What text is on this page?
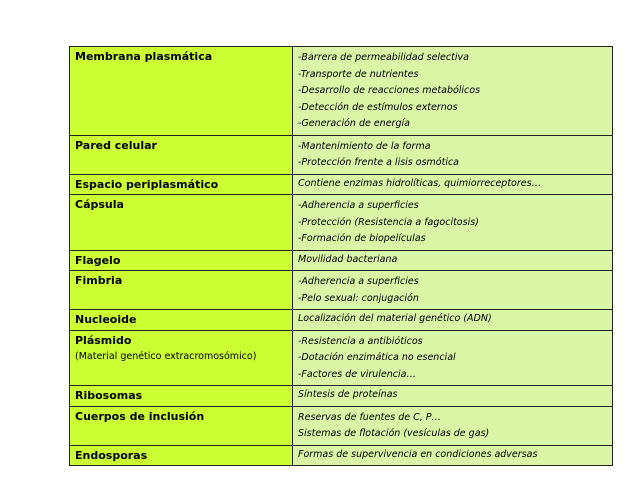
Membrana plasmática	-Barrera de permeabilidad selectiva
-Transporte de nutrientes
-Desarrollo de reacciones metabólicos
-Detección de estímulos externos
-Generación de energía

Pared celular	-Mantenimiento de la forma
-Protección frente a lisis osmótica

Espacio periplasmático	Contiene enzimas hidrolíticas, quimiorreceptores…

Cápsula	-Adherencia a superficies
-Protección (Resistencia a fagocitosis)
-Formación de biopelículas

Flagelo	Movilidad bacteriana

Fimbria	-Adherencia a superficies
-Pelo sexual: conjugación

Nucleoide	Localización del material genético (ADN)

Plásmido
(Material genético extracromosómico)	-Resistencia a antibióticos
-Dotación enzimática no esencial
-Factores de virulencia…

Ribosomas	Síntesis de proteínas

Cuerpos de inclusión	Reservas de fuentes de C, P…
Sistemas de flotación (vesículas de gas)

Endosporas	Formas de supervivencia en condiciones adversas
